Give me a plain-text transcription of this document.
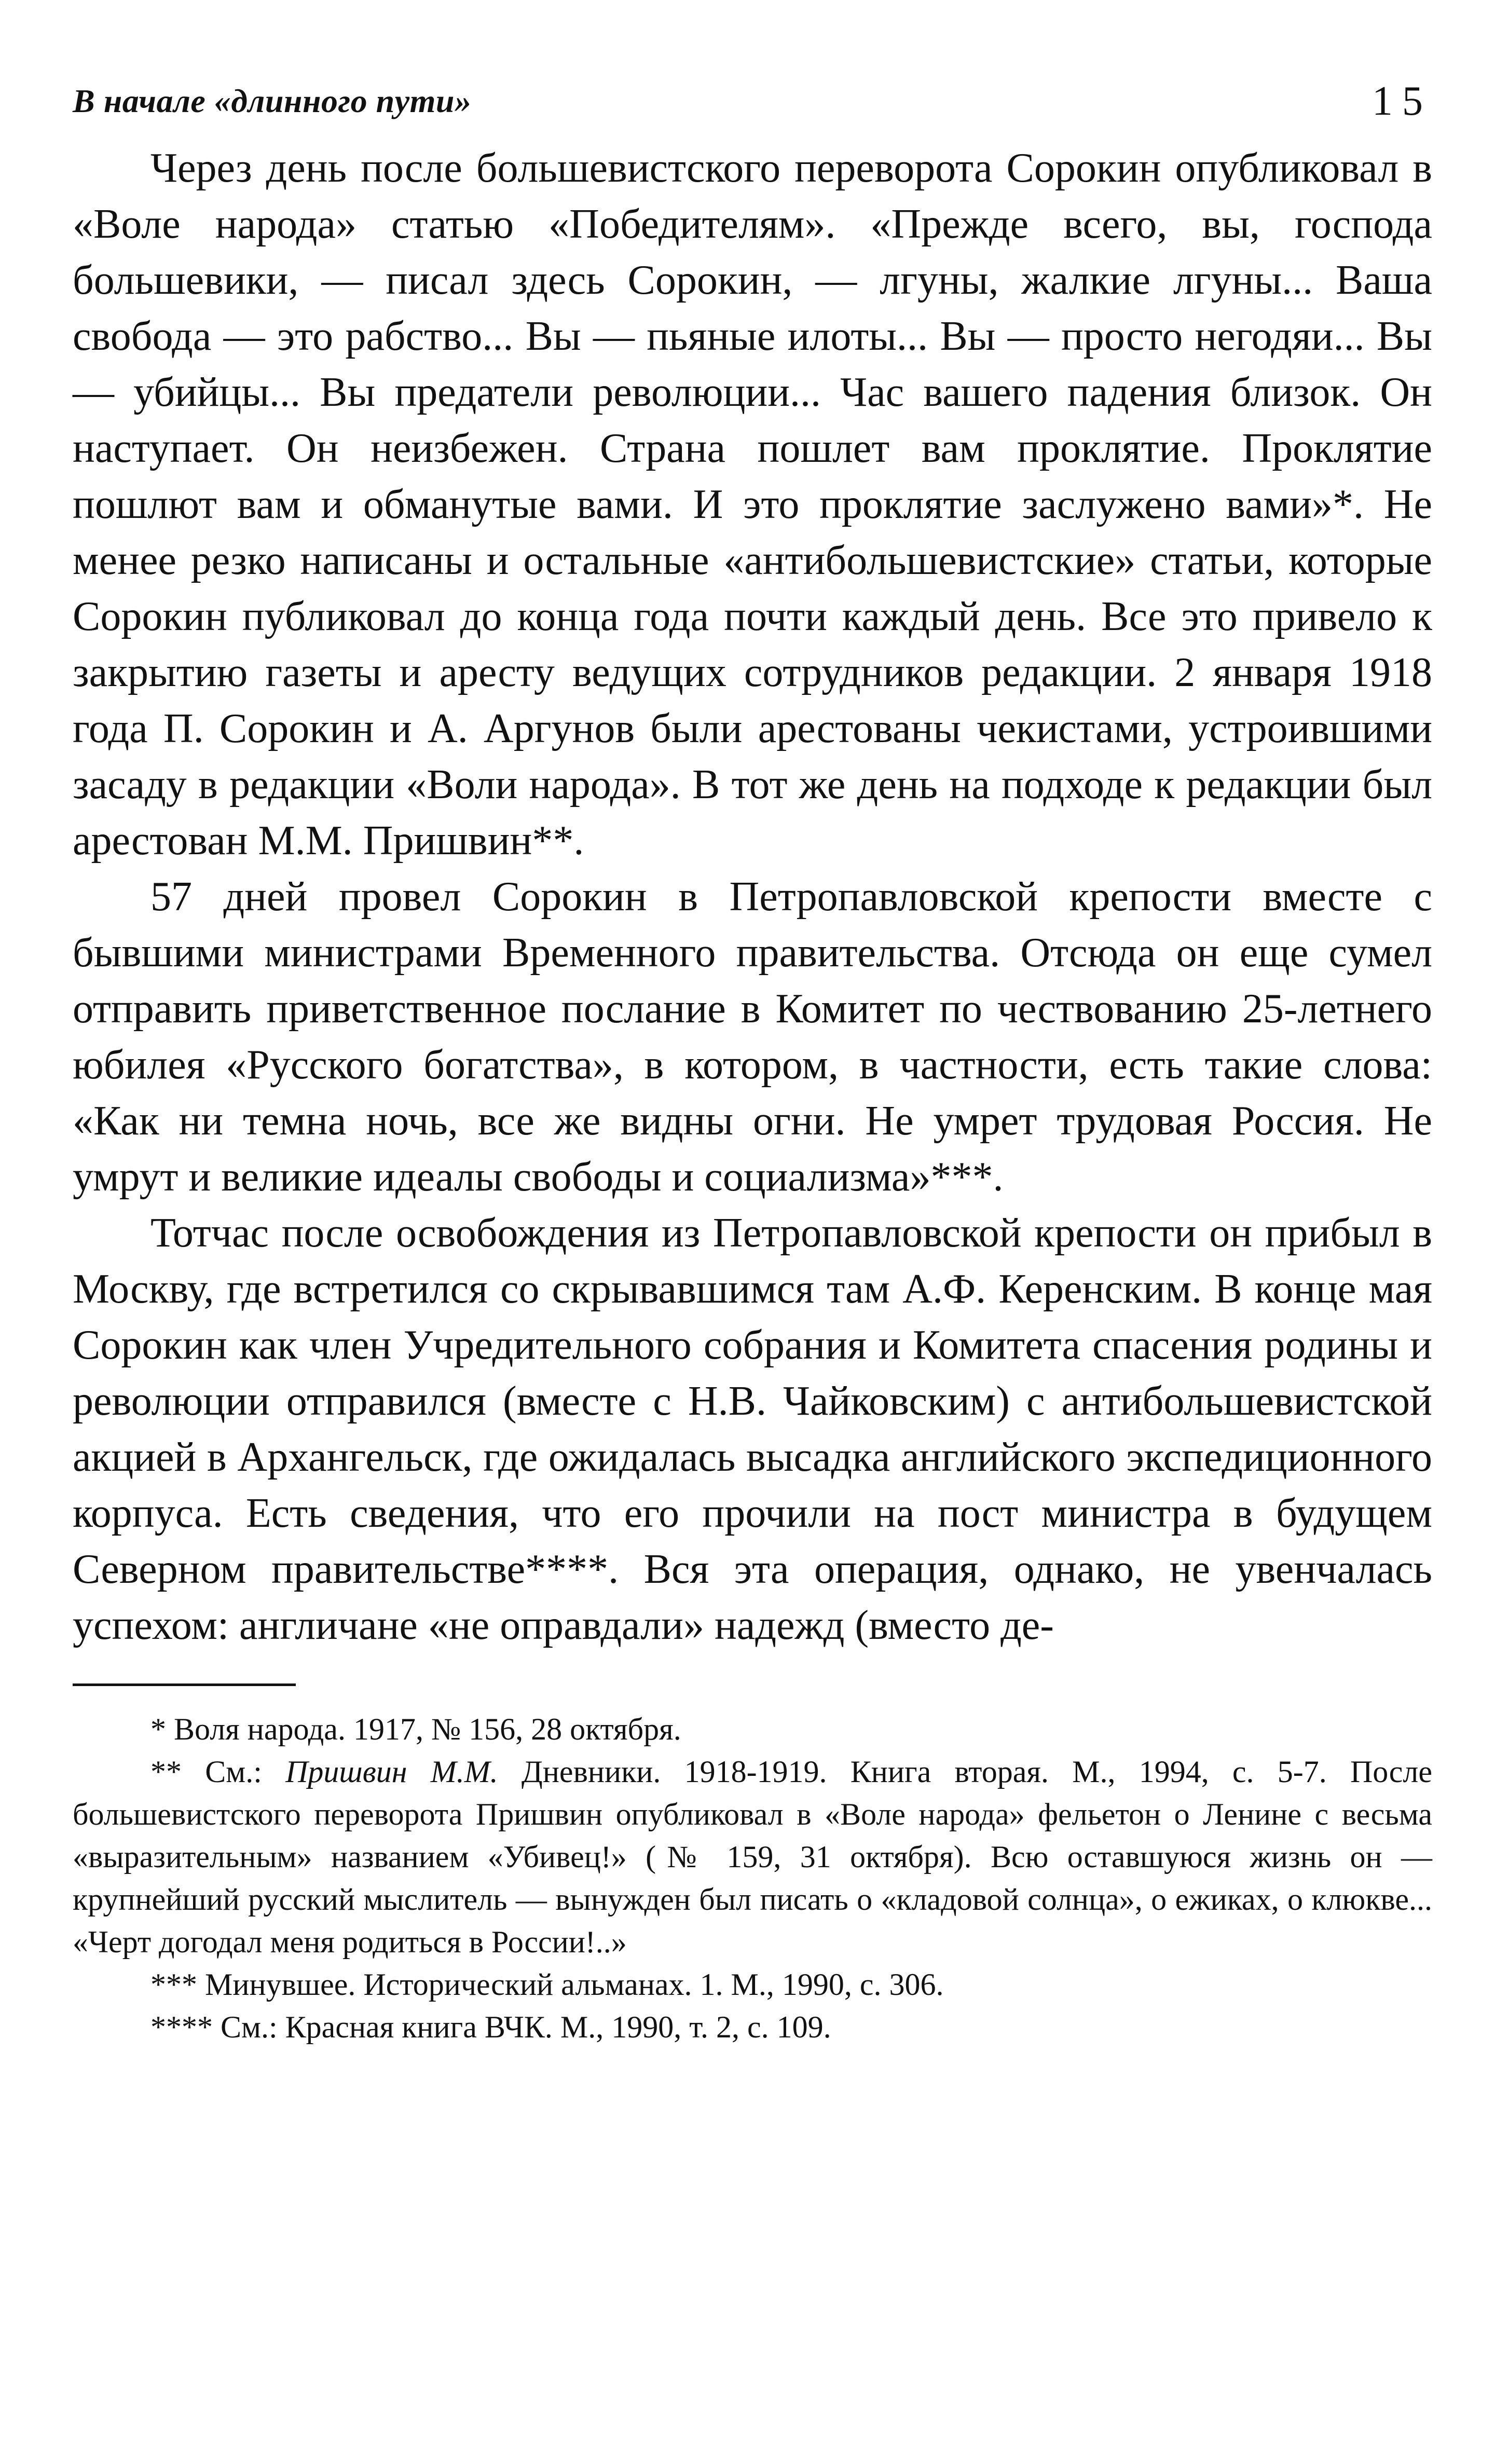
В начале «длинного пути»	15

Через день после большевистского переворота Сорокин опубликовал в «Воле народа» статью «Победителям». «Прежде всего, вы, господа большевики, — писал здесь Сорокин, — лгуны, жалкие лгуны... Ваша свобода — это рабство... Вы — пьяные илоты... Вы — просто негодяи... Вы — убийцы... Вы предатели революции... Час вашего падения близок. Он наступает. Он неизбежен. Страна пошлет вам проклятие. Проклятие пошлют вам и обманутые вами. И это проклятие заслужено вами»*. Не менее резко написаны и остальные «антибольшевистские» статьи, которые Сорокин публиковал до конца года почти каждый день. Все это привело к закрытию газеты и аресту ведущих сотрудников редакции. 2 января 1918 года П. Сорокин и А. Аргунов были арестованы чекистами, устроившими засаду в редакции «Воли народа». В тот же день на подходе к редакции был арестован М.М. Пришвин**.

57 дней провел Сорокин в Петропавловской крепости вместе с бывшими министрами Временного правительства. Отсюда он еще сумел отправить приветственное послание в Комитет по чествованию 25-летнего юбилея «Русского богатства», в котором, в частности, есть такие слова: «Как ни темна ночь, все же видны огни. Не умрет трудовая Россия. Не умрут и великие идеалы свободы и социализма»***.

Тотчас после освобождения из Петропавловской крепости он прибыл в Москву, где встретился со скрывавшимся там А.Ф. Керенским. В конце мая Сорокин как член Учредительного собрания и Комитета спасения родины и революции отправился (вместе с Н.В. Чайковским) с антибольшевистской акцией в Архангельск, где ожидалась высадка английского экспедиционного корпуса. Есть сведения, что его прочили на пост министра в будущем Северном правительстве****. Вся эта операция, однако, не увенчалась успехом: англичане «не оправдали» надежд (вместо де-

* Воля народа. 1917, № 156, 28 октября.

** См.: Пришвин М.М. Дневники. 1918-1919. Книга вторая. М., 1994, с. 5-7. После большевистского переворота Пришвин опубликовал в «Воле народа» фельетон о Ленине с весьма «выразительным» названием «Убивец!» (№ 159, 31 октября). Всю оставшуюся жизнь он — крупнейший русский мыслитель — вынужден был писать о «кладовой солнца», о ежиках, о клюкве... «Черт догодал меня родиться в России!..»

*** Минувшее. Исторический альманах. 1. М., 1990, с. 306.

**** См.: Красная книга ВЧК. М., 1990, т. 2, с. 109.
